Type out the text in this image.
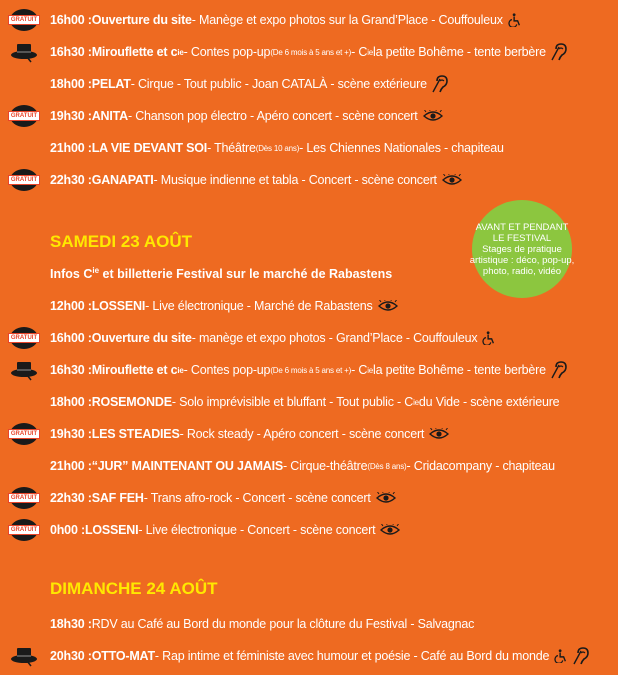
GRATUIT 16h00 : Ouverture du site - Manège et expo photos sur la Grand’Place - Couffouleux
16h30 : Mirouflette et c ie - Contes pop-up (De 6 mois à 5 ans et +) - C ie la petite Bohême - tente berbère
18h00 : PELAT - Cirque - Tout public - Joan CATALÀ - scène extérieure
GRATUIT 19h30 : ANITA - Chanson pop électro - Apéro concert - scène concert
21h00 : LA VIE DEVANT SOI - Théâtre (Dès 10 ans) - Les Chiennes Nationales - chapiteau
GRATUIT 22h30 : GANAPATI - Musique indienne et tabla - Concert - scène concert
AVANT ET PENDANT
LE FESTIVAL
Stages de pratique
artistique : déco, pop-up,
photo, radio, vidéo
SAMEDI 23 AOÛT
Infos $C^{ie}$ et billetterie Festival sur le marché de Rabastens
12h00 : LOSSENI - Live électronique - Marché de Rabastens
GRATUIT 16h00 : Ouverture du site - manège et expo photos - Grand’Place - Couffouleux
16h30 : Mirouflette et c ie - Contes pop-up (De 6 mois à 5 ans et +) - C ie la petite Bohême - tente berbère
18h00 : ROSEMONDE - Solo imprévisible et bluffant - Tout public - C ie du Vide - scène extérieure
GRATUIT 19h30 : LES STEADIES - Rock steady - Apéro concert - scène concert
21h00 : “JUR” MAINTENANT OU JAMAIS - Cirque-théâtre (Dès 8 ans) - Cridacompany - chapiteau
GRATUIT 22h30 : SAF FEH - Trans afro-rock - Concert - scène concert
GRATUIT 0h00 : LOSSENI - Live électronique - Concert - scène concert
DIMANCHE 24 AOÛT
18h30 : RDV au Café au Bord du monde pour la clôture du Festival - Salvagnac
20h30 : OTTO-MAT - Rap intime et féministe avec humour et poésie - Café au Bord du monde
